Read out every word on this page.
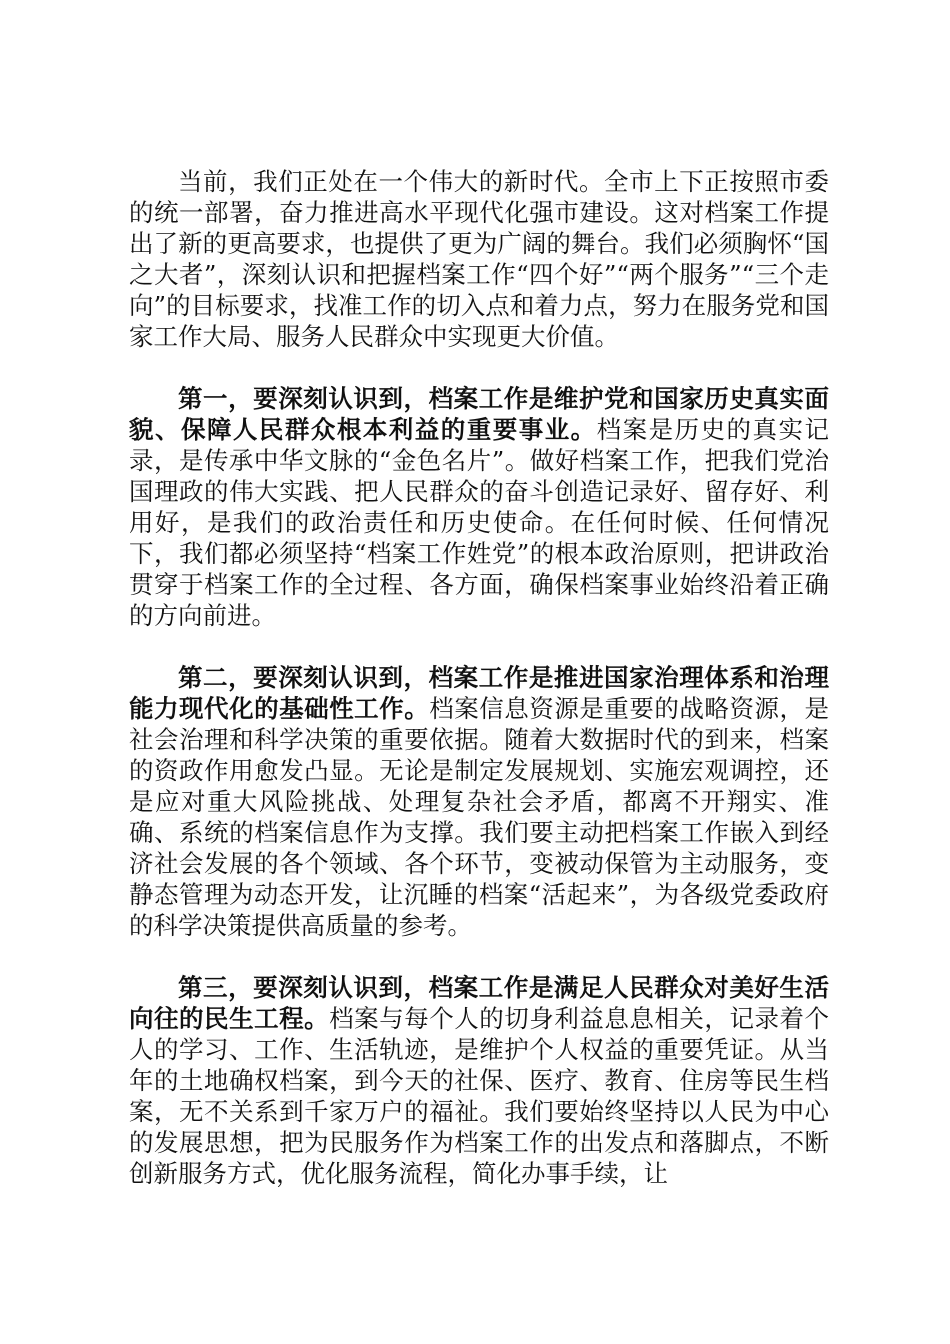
当前，我们正处在一个伟大的新时代。全市上下正按照市委的统一部署，奋力推进高水平现代化强市建设。这对档案工作提出了新的更高要求，也提供了更为广阔的舞台。我们必须胸怀“国之大者”，深刻认识和把握档案工作“四个好”“两个服务”“三个走向”的目标要求，找准工作的切入点和着力点，努力在服务党和国家工作大局、服务人民群众中实现更大价值。

第一，要深刻认识到，档案工作是维护党和国家历史真实面貌、保障人民群众根本利益的重要事业。档案是历史的真实记录，是传承中华文脉的“金色名片”。做好档案工作，把我们党治国理政的伟大实践、把人民群众的奋斗创造记录好、留存好、利用好，是我们的政治责任和历史使命。在任何时候、任何情况下，我们都必须坚持“档案工作姓党”的根本政治原则，把讲政治贯穿于档案工作的全过程、各方面，确保档案事业始终沿着正确的方向前进。

第二，要深刻认识到，档案工作是推进国家治理体系和治理能力现代化的基础性工作。档案信息资源是重要的战略资源，是社会治理和科学决策的重要依据。随着大数据时代的到来，档案的资政作用愈发凸显。无论是制定发展规划、实施宏观调控，还是应对重大风险挑战、处理复杂社会矛盾，都离不开翔实、准确、系统的档案信息作为支撑。我们要主动把档案工作嵌入到经济社会发展的各个领域、各个环节，变被动保管为主动服务，变静态管理为动态开发，让沉睡的档案“活起来”，为各级党委政府的科学决策提供高质量的参考。

第三，要深刻认识到，档案工作是满足人民群众对美好生活向往的民生工程。档案与每个人的切身利益息息相关，记录着个人的学习、工作、生活轨迹，是维护个人权益的重要凭证。从当年的土地确权档案，到今天的社保、医疗、教育、住房等民生档案，无不关系到千家万户的福祉。我们要始终坚持以人民为中心的发展思想，把为民服务作为档案工作的出发点和落脚点，不断创新服务方式，优化服务流程，简化办事手续，让
